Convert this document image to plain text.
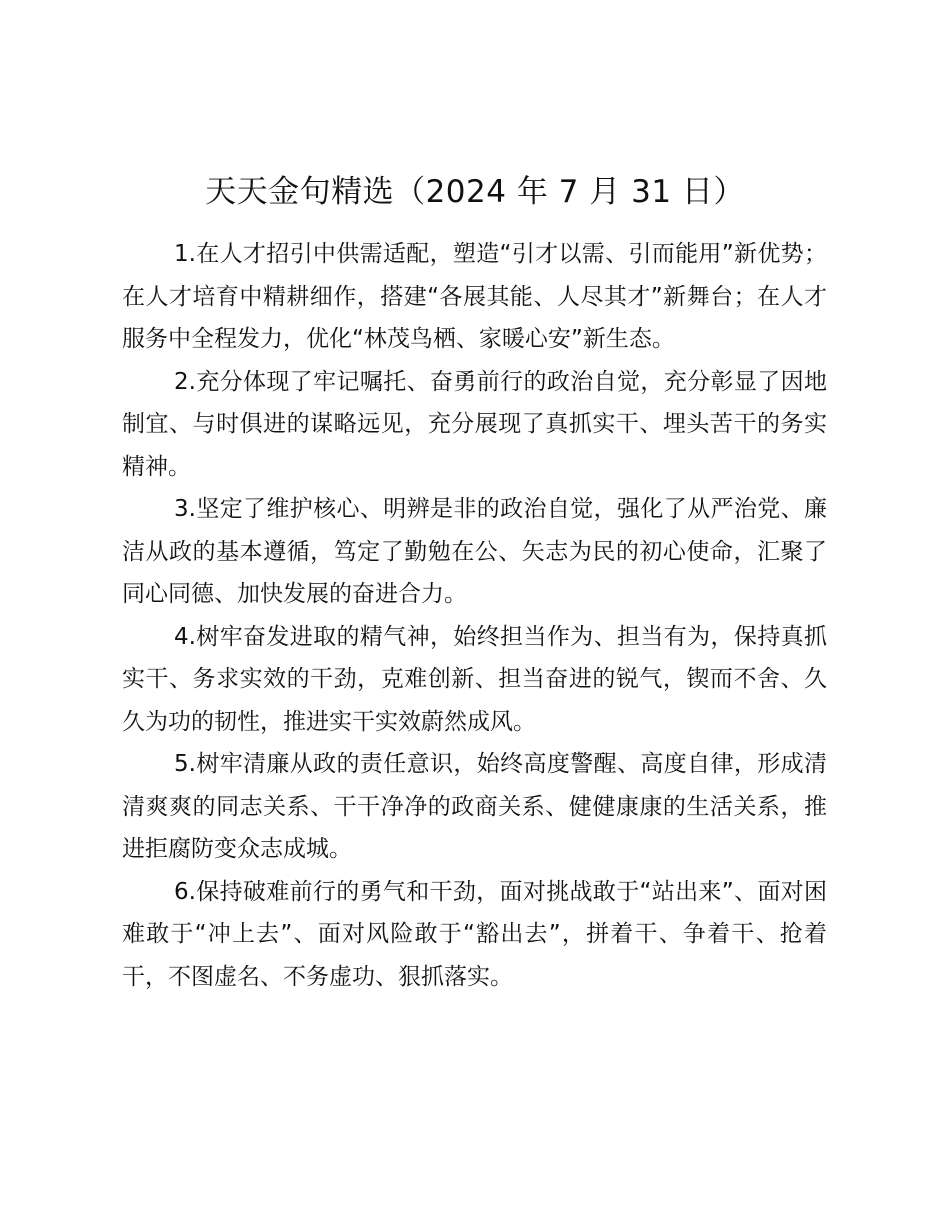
天天金句精选（2024 年 7 月 31 日）

1.在人才招引中供需适配，塑造“引才以需、引而能用”新优势；在人才培育中精耕细作，搭建“各展其能、人尽其才”新舞台；在人才服务中全程发力，优化“林茂鸟栖、家暖心安”新生态。

2.充分体现了牢记嘱托、奋勇前行的政治自觉，充分彰显了因地制宜、与时俱进的谋略远见，充分展现了真抓实干、埋头苦干的务实精神。

3.坚定了维护核心、明辨是非的政治自觉，强化了从严治党、廉洁从政的基本遵循，笃定了勤勉在公、矢志为民的初心使命，汇聚了同心同德、加快发展的奋进合力。

4.树牢奋发进取的精气神，始终担当作为、担当有为，保持真抓实干、务求实效的干劲，克难创新、担当奋进的锐气，锲而不舍、久久为功的韧性，推进实干实效蔚然成风。

5.树牢清廉从政的责任意识，始终高度警醒、高度自律，形成清清爽爽的同志关系、干干净净的政商关系、健健康康的生活关系，推进拒腐防变众志成城。

6.保持破难前行的勇气和干劲，面对挑战敢于“站出来”、面对困难敢于“冲上去”、面对风险敢于“豁出去”，拼着干、争着干、抢着干，不图虚名、不务虚功、狠抓落实。
